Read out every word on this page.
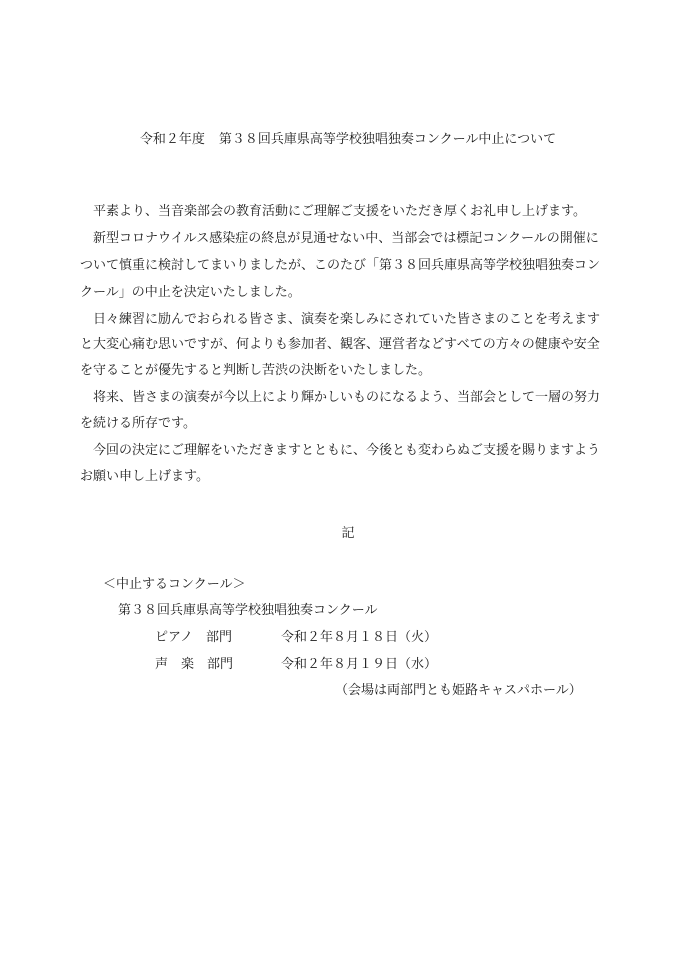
令和２年度 第３８回兵庫県高等学校独唱独奏コンクール中止について
　平素より、当音楽部会の教育活動にご理解ご支援をいただき厚くお礼申し上げます。
　新型コロナウイルス感染症の終息が見通せない中、当部会では標記コンクールの開催に
ついて慎重に検討してまいりましたが、このたび「第３８回兵庫県高等学校独唱独奏コン
クール」の中止を決定いたしました。
　日々練習に励んでおられる皆さま、演奏を楽しみにされていた皆さまのことを考えます
と大変心痛む思いですが、何よりも参加者、観客、運営者などすべての方々の健康や安全
を守ることが優先すると判断し苦渋の決断をいたしました。
　将来、皆さまの演奏が今以上により輝かしいものになるよう、当部会として一層の努力
を続ける所存です。
　今回の決定にご理解をいただきますとともに、今後とも変わらぬご支援を賜りますよう
お願い申し上げます。
記
＜中止するコンクール＞
第３８回兵庫県高等学校独唱独奏コンクール
ピアノ　部門	令和２年８月１８日（火）
声　楽　部門	令和２年８月１９日（水）
（会場は両部門とも姫路キャスパホール）
